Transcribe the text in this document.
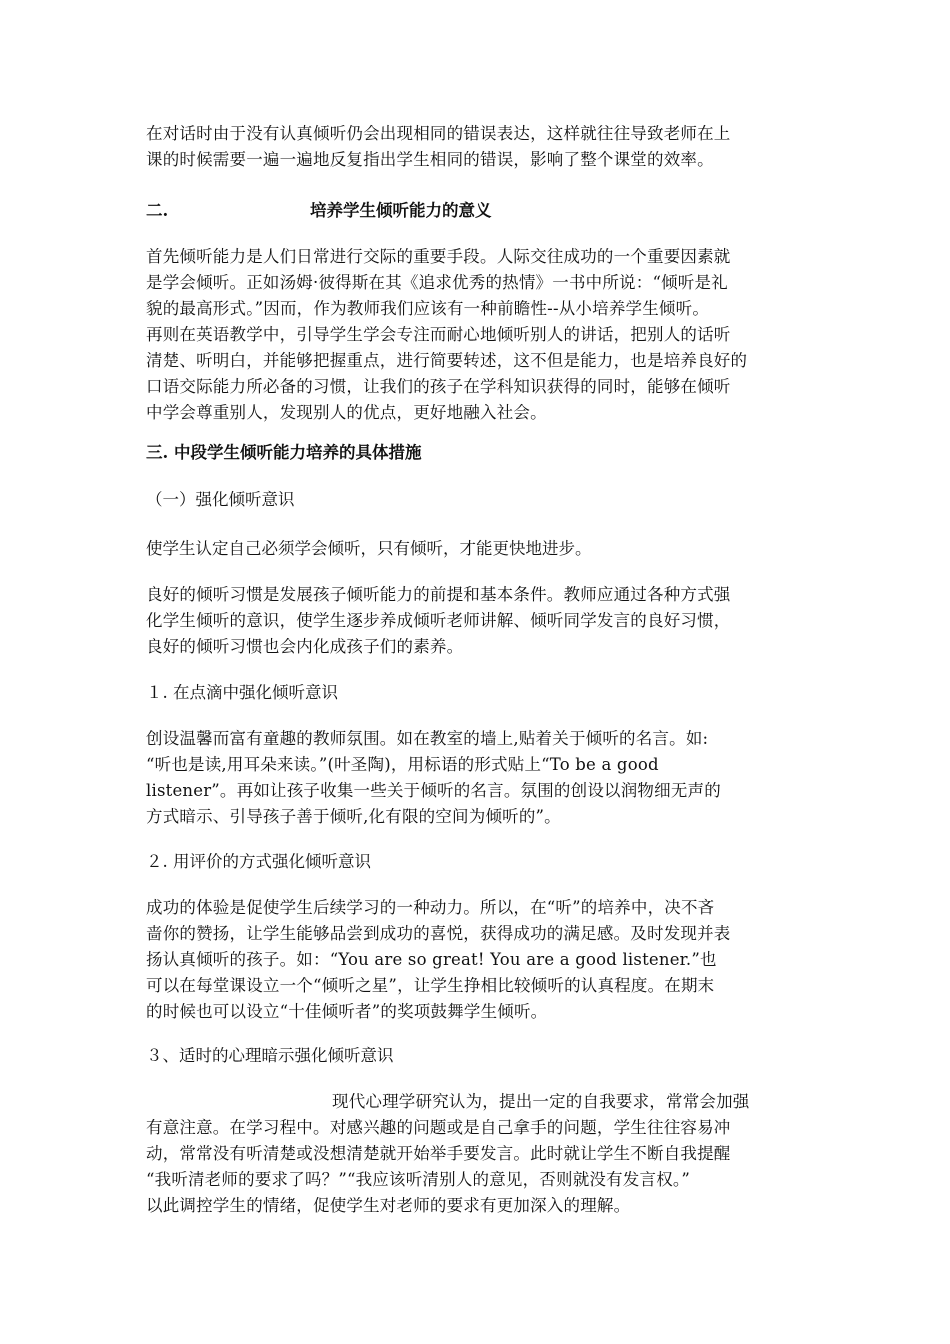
在对话时由于没有认真倾听仍会出现相同的错误表达，这样就往往导致老师在上
课的时候需要一遍一遍地反复指出学生相同的错误，影响了整个课堂的效率。

二.	培养学生倾听能力的意义

首先倾听能力是人们日常进行交际的重要手段。人际交往成功的一个重要因素就
是学会倾听。正如汤姆·彼得斯在其《追求优秀的热情》一书中所说：“倾听是礼
貌的最高形式。”因而，作为教师我们应该有一种前瞻性--从小培养学生倾听。
再则在英语教学中，引导学生学会专注而耐心地倾听别人的讲话，把别人的话听
清楚、听明白，并能够把握重点，进行简要转述，这不但是能力，也是培养良好的
口语交际能力所必备的习惯，让我们的孩子在学科知识获得的同时，能够在倾听
中学会尊重别人，发现别人的优点，更好地融入社会。

三. 中段学生倾听能力培养的具体措施

（一）强化倾听意识

使学生认定自己必须学会倾听，只有倾听，才能更快地进步。

良好的倾听习惯是发展孩子倾听能力的前提和基本条件。教师应通过各种方式强
化学生倾听的意识，使学生逐步养成倾听老师讲解、倾听同学发言的良好习惯，
良好的倾听习惯也会内化成孩子们的素养。

１. 在点滴中强化倾听意识

创设温馨而富有童趣的教师氛围。如在教室的墙上,贴着关于倾听的名言。如:
“听也是读,用耳朵来读。”(叶圣陶)，用标语的形式贴上“To be a good
listener”。再如让孩子收集一些关于倾听的名言。氛围的创设以润物细无声的
方式暗示、引导孩子善于倾听,化有限的空间为倾听的”。

２. 用评价的方式强化倾听意识

成功的体验是促使学生后续学习的一种动力。所以，在“听”的培养中，决不吝
啬你的赞扬，让学生能够品尝到成功的喜悦，获得成功的满足感。及时发现并表
扬认真倾听的孩子。如：“You are so great! You are a good listener.”也
可以在每堂课设立一个“倾听之星”，让学生挣相比较倾听的认真程度。在期末
的时候也可以设立“十佳倾听者”的奖项鼓舞学生倾听。

３、适时的心理暗示强化倾听意识

现代心理学研究认为，提出一定的自我要求，常常会加强
有意注意。在学习程中。对感兴趣的问题或是自己拿手的问题，学生往往容易冲
动，常常没有听清楚或没想清楚就开始举手要发言。此时就让学生不断自我提醒
“我听清老师的要求了吗？”“我应该听清别人的意见，否则就没有发言权。”
以此调控学生的情绪，促使学生对老师的要求有更加深入的理解。
